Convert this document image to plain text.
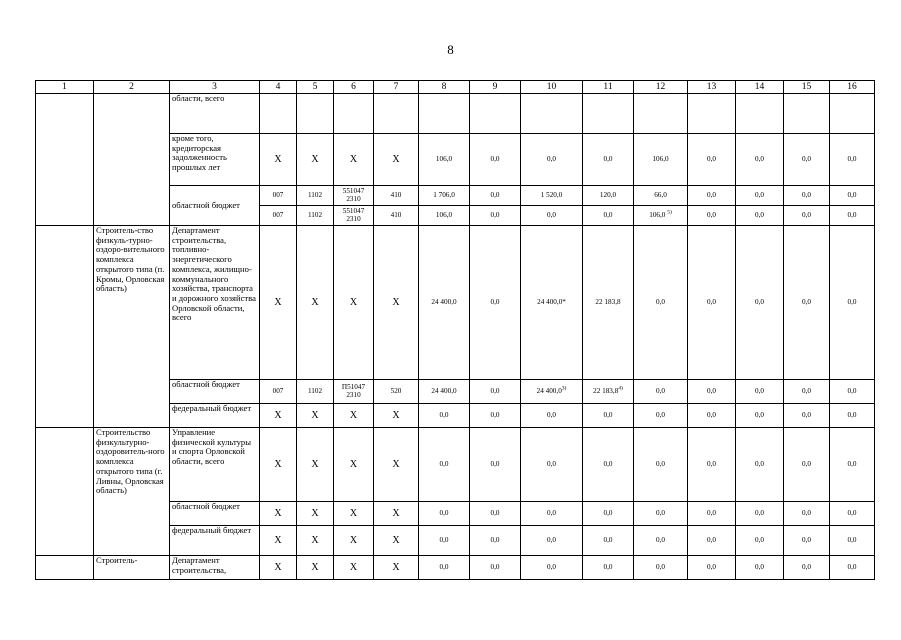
8
1	2	3	4	5	6	7	8	9	10	11	12	13	14	15	16
		области, всего													
		кроме того, кредиторская задолженность прошлых лет	X	X	X	X	106,0	0,0	0,0	0,0	106,0	0,0	0,0	0,0	0,0
		областной бюджет	007	1102	551047 2310	410	1 706,0	0,0	1 520,0	120,0	66,0	0,0	0,0	0,0	0,0
			007	1102	551047 2310	410	106,0	0,0	0,0	0,0	106,0 $^{5)}$	0,0	0,0	0,0	0,0
	Строитель-ство физкуль-турно-оздоро-вительного комплекса открытого типа (п. Кромы, Орловская область)	Департамент строительства, топливно-энергетического комплекса, жилищно-коммунального хозяйства, транспорта и дорожного хозяйства Орловской области, всего	X	X	X	X	24 400,0	0,0	24 400,0*	22 183,8	0,0	0,0	0,0	0,0	0,0
		областной бюджет	007	1102	П51047 2310	520	24 400,0	0,0	24 400,0$^{3)}$	22 183,8$^{4)}$	0,0	0,0	0,0	0,0	0,0
		федеральный бюджет	X	X	X	X	0,0	0,0	0,0	0,0	0,0	0,0	0,0	0,0	0,0
	Строительство физкультурно-оздоровитель-ного комплекса открытого типа (г. Ливны, Орловская область)	Управление физической культуры и спорта Орловской области, всего	X	X	X	X	0,0	0,0	0,0	0,0	0,0	0,0	0,0	0,0	0,0
		областной бюджет	X	X	X	X	0,0	0,0	0,0	0,0	0,0	0,0	0,0	0,0	0,0
		федеральный бюджет	X	X	X	X	0,0	0,0	0,0	0,0	0,0	0,0	0,0	0,0	0,0
	Строитель-	Департамент строительства,	X	X	X	X	0,0	0,0	0,0	0,0	0,0	0,0	0,0	0,0	0,0
